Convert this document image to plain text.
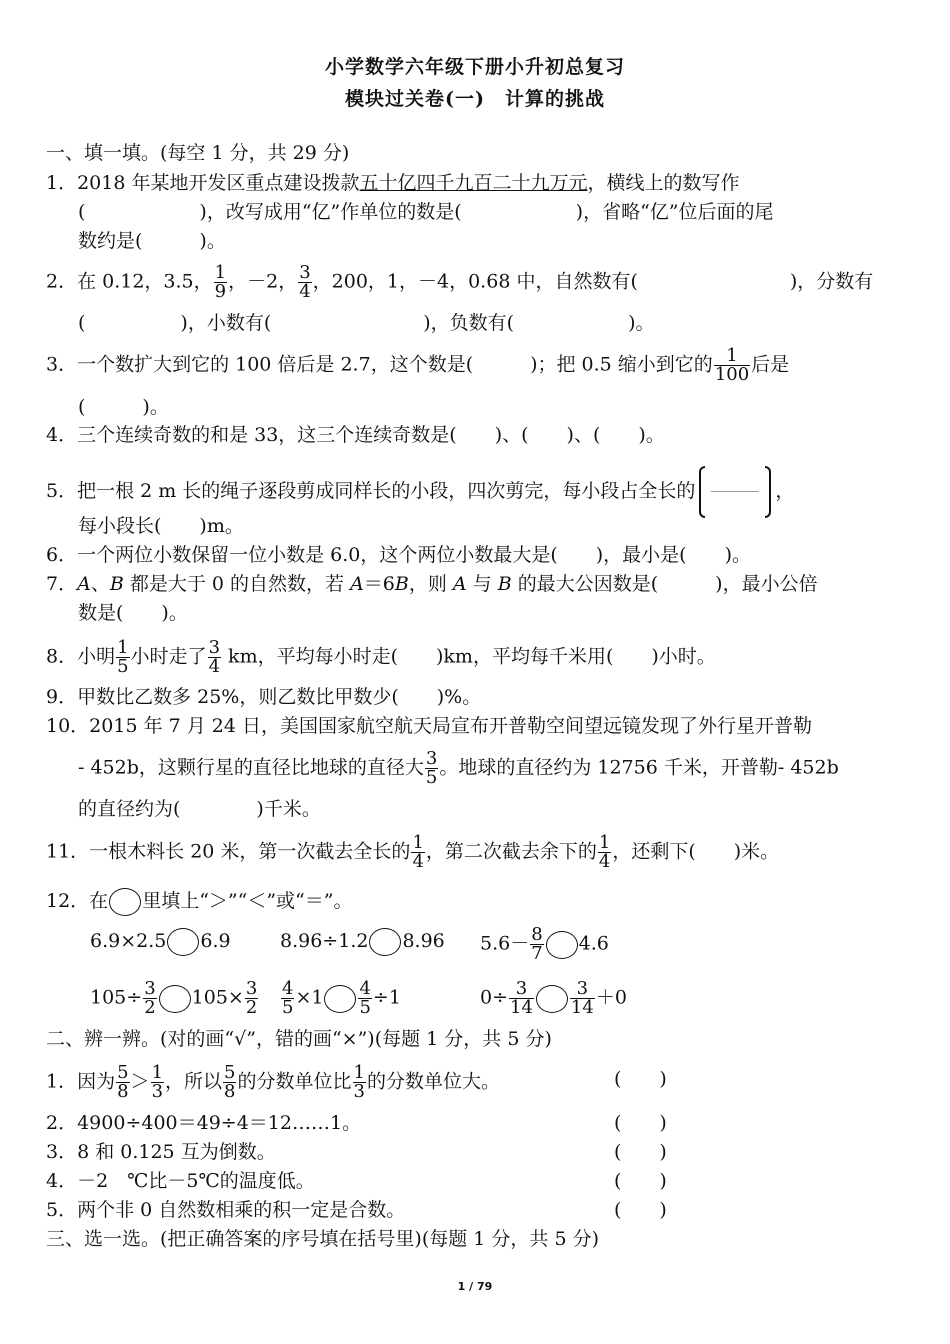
小学数学六年级下册小升初总复习
模块过关卷(一)　计算的挑战
一、填一填。(每空 1 分，共 29 分)
1．2018 年某地开发区重点建设拨款五十亿四千九百二十九万元，横线上的数写作
(　　　　　　)，改写成用“亿”作单位的数是(　　　　　　)，省略“亿”位后面的尾
数约是(　　　)。
2．在 0.12，3.5， $\frac{1}{9}$ ，－2， $\frac{3}{4}$ ，200，1，－4，0.68 中，自然数有(　　　　　　　　)，分数有
(　　　　　)，小数有(　　　　　　　　)，负数有(　　　　　　)。
3．一个数扩大到它的 100 倍后是 2.7，这个数是(　　　)；把 0.5 缩小到它的 $\frac{1}{100}$ 后是
(　　　)。
4．三个连续奇数的和是 33，这三个连续奇数是(　　)、(　　)、(　　)。
5．把一根 2 m 长的绳子逐段剪成同样长的小段，四次剪完，每小段占全长的	，
每小段长(　　)m。
6．一个两位小数保留一位小数是 6.0，这个两位小数最大是(　　)，最小是(　　)。
7．A、B 都是大于 0 的自然数，若 A＝6B，则 A 与 B 的最大公因数是(　　　)，最小公倍
数是(　　)。
8．小明 $\frac{1}{5}$ 小时走了 $\frac{3}{4}$ km，平均每小时走(　　)km，平均每千米用(　　)小时。
9．甲数比乙数多 25%，则乙数比甲数少(　　)%。
10．2015 年 7 月 24 日，美国国家航空航天局宣布开普勒空间望远镜发现了外行星开普勒
- 452b，这颗行星的直径比地球的直径大 $\frac{3}{5}$ 。地球的直径约为 12756 千米，开普勒- 452b
的直径约为(　　　　)千米。
11．一根木料长 20 米，第一次截去全长的 $\frac{1}{4}$ ，第二次截去余下的 $\frac{1}{4}$ ，还剩下(　　)米。
12．在 里填上“＞”“＜”或“＝”。
6.9×2.5 6.9	8.96÷1.2 8.96 $5.6- \frac{8}{7} 4.6$
$105\div \frac{3}{2} 105\times \frac{3}{2} \frac{4}{5} \times 1 \frac{4}{5} \div 1$	$0\div \frac{3}{14} \frac{3}{14} +0$
二、辨一辨。(对的画“√”，错的画“×”)(每题 1 分，共 5 分)
1．因为 $\frac{5}{8} > \frac{1}{3}$ ，所以 $\frac{5}{8}$ 的分数单位比 $\frac{1}{3}$ 的分数单位大。	(　　)
2．4900÷400＝49÷4＝12……1。	(　　)
3．8 和 0.125 互为倒数。	(　　)
4．－2　℃比－5℃的温度低。	(　　)
5．两个非 0 自然数相乘的积一定是合数。	(　　)
三、选一选。(把正确答案的序号填在括号里)(每题 1 分，共 5 分)
1 / 79
